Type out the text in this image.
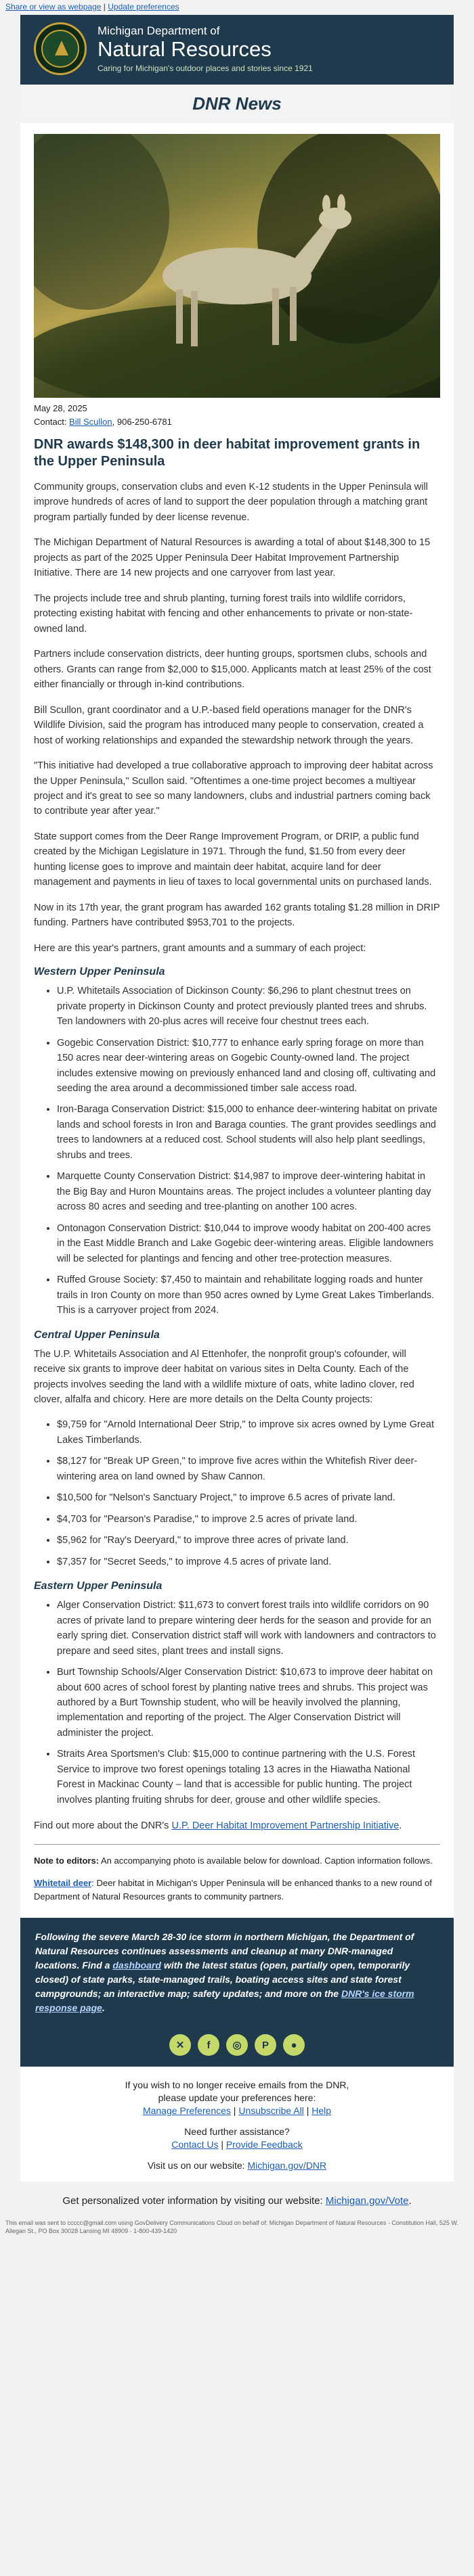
Share or view as webpage | Update preferences
Michigan Department of
Natural Resources
Caring for Michigan's outdoor places and stories since 1921
DNR News
May 28, 2025
Contact: Bill Scullon, 906-250-6781
DNR awards $148,300 in deer habitat improvement grants in the Upper Peninsula

Community groups, conservation clubs and even K-12 students in the Upper Peninsula will improve hundreds of acres of land to support the deer population through a matching grant program partially funded by deer license revenue.

The Michigan Department of Natural Resources is awarding a total of about $148,300 to 15 projects as part of the 2025 Upper Peninsula Deer Habitat Improvement Partnership Initiative. There are 14 new projects and one carryover from last year.

The projects include tree and shrub planting, turning forest trails into wildlife corridors, protecting existing habitat with fencing and other enhancements to private or non-state-owned land.

Partners include conservation districts, deer hunting groups, sportsmen clubs, schools and others. Grants can range from $2,000 to $15,000. Applicants match at least 25% of the cost either financially or through in-kind contributions.

Bill Scullon, grant coordinator and a U.P.-based field operations manager for the DNR's Wildlife Division, said the program has introduced many people to conservation, created a host of working relationships and expanded the stewardship network through the years.

"This initiative had developed a true collaborative approach to improving deer habitat across the Upper Peninsula," Scullon said. "Oftentimes a one-time project becomes a multiyear project and it's great to see so many landowners, clubs and industrial partners coming back to contribute year after year."

State support comes from the Deer Range Improvement Program, or DRIP, a public fund created by the Michigan Legislature in 1971. Through the fund, $1.50 from every deer hunting license goes to improve and maintain deer habitat, acquire land for deer management and payments in lieu of taxes to local governmental units on purchased lands.

Now in its 17th year, the grant program has awarded 162 grants totaling $1.28 million in DRIP funding. Partners have contributed $953,701 to the projects.

Here are this year's partners, grant amounts and a summary of each project:

Western Upper Peninsula
• U.P. Whitetails Association of Dickinson County: $6,296 to plant chestnut trees on private property in Dickinson County and protect previously planted trees and shrubs. Ten landowners with 20-plus acres will receive four chestnut trees each.
• Gogebic Conservation District: $10,777 to enhance early spring forage on more than 150 acres near deer-wintering areas on Gogebic County-owned land. The project includes extensive mowing on previously enhanced land and closing off, cultivating and seeding the area around a decommissioned timber sale access road.
• Iron-Baraga Conservation District: $15,000 to enhance deer-wintering habitat on private lands and school forests in Iron and Baraga counties. The grant provides seedlings and trees to landowners at a reduced cost. School students will also help plant seedlings, shrubs and trees.
• Marquette County Conservation District: $14,987 to improve deer-wintering habitat in the Big Bay and Huron Mountains areas. The project includes a volunteer planting day across 80 acres and seeding and tree-planting on another 100 acres.
• Ontonagon Conservation District: $10,044 to improve woody habitat on 200-400 acres in the East Middle Branch and Lake Gogebic deer-wintering areas. Eligible landowners will be selected for plantings and fencing and other tree-protection measures.
• Ruffed Grouse Society: $7,450 to maintain and rehabilitate logging roads and hunter trails in Iron County on more than 950 acres owned by Lyme Great Lakes Timberlands. This is a carryover project from 2024.
Central Upper Peninsula

The U.P. Whitetails Association and Al Ettenhofer, the nonprofit group's cofounder, will receive six grants to improve deer habitat on various sites in Delta County. Each of the projects involves seeding the land with a wildlife mixture of oats, white ladino clover, red clover, alfalfa and chicory. Here are more details on the Delta County projects:

• $9,759 for "Arnold International Deer Strip," to improve six acres owned by Lyme Great Lakes Timberlands.
• $8,127 for "Break UP Green," to improve five acres within the Whitefish River deer-wintering area on land owned by Shaw Cannon.
• $10,500 for "Nelson's Sanctuary Project," to improve 6.5 acres of private land.
• $4,703 for "Pearson's Paradise," to improve 2.5 acres of private land.
• $5,962 for "Ray's Deeryard," to improve three acres of private land.
• $7,357 for "Secret Seeds," to improve 4.5 acres of private land.
Eastern Upper Peninsula
• Alger Conservation District: $11,673 to convert forest trails into wildlife corridors on 90 acres of private land to prepare wintering deer herds for the season and provide for an early spring diet. Conservation district staff will work with landowners and contractors to prepare and seed sites, plant trees and install signs.
• Burt Township Schools/Alger Conservation District: $10,673 to improve deer habitat on about 600 acres of school forest by planting native trees and shrubs. This project was authored by a Burt Township student, who will be heavily involved the planning, implementation and reporting of the project. The Alger Conservation District will administer the project.
• Straits Area Sportsmen's Club: $15,000 to continue partnering with the U.S. Forest Service to improve two forest openings totaling 13 acres in the Hiawatha National Forest in Mackinac County – land that is accessible for public hunting. The project involves planting fruiting shrubs for deer, grouse and other wildlife species.

Find out more about the DNR's U.P. Deer Habitat Improvement Partnership Initiative.

Note to editors: An accompanying photo is available below for download. Caption information follows.
Whitetail deer: Deer habitat in Michigan's Upper Peninsula will be enhanced thanks to a new round of Department of Natural Resources grants to community partners.
Following the severe March 28-30 ice storm in northern Michigan, the Department of Natural Resources continues assessments and cleanup at many DNR-managed locations. Find a dashboard with the latest status (open, partially open, temporarily closed) of state parks, state-managed trails, boating access sites and state forest campgrounds; an interactive map; safety updates; and more on the DNR's ice storm response page.
✕	f	◎	P	●
If you wish to no longer receive emails from the DNR,
please update your preferences here:
Manage Preferences | Unsubscribe All | Help
Need further assistance?
Contact Us | Provide Feedback
Visit us on our website: Michigan.gov/DNR
Get personalized voter information by visiting our website: Michigan.gov/Vote.
This email was sent to ccccc@gmail.com using GovDelivery Communications Cloud on behalf of: Michigan Department of Natural Resources · Constitution Hall, 525 W. Allegan St., PO Box 30028 Lansing MI 48909 · 1-800-439-1420
